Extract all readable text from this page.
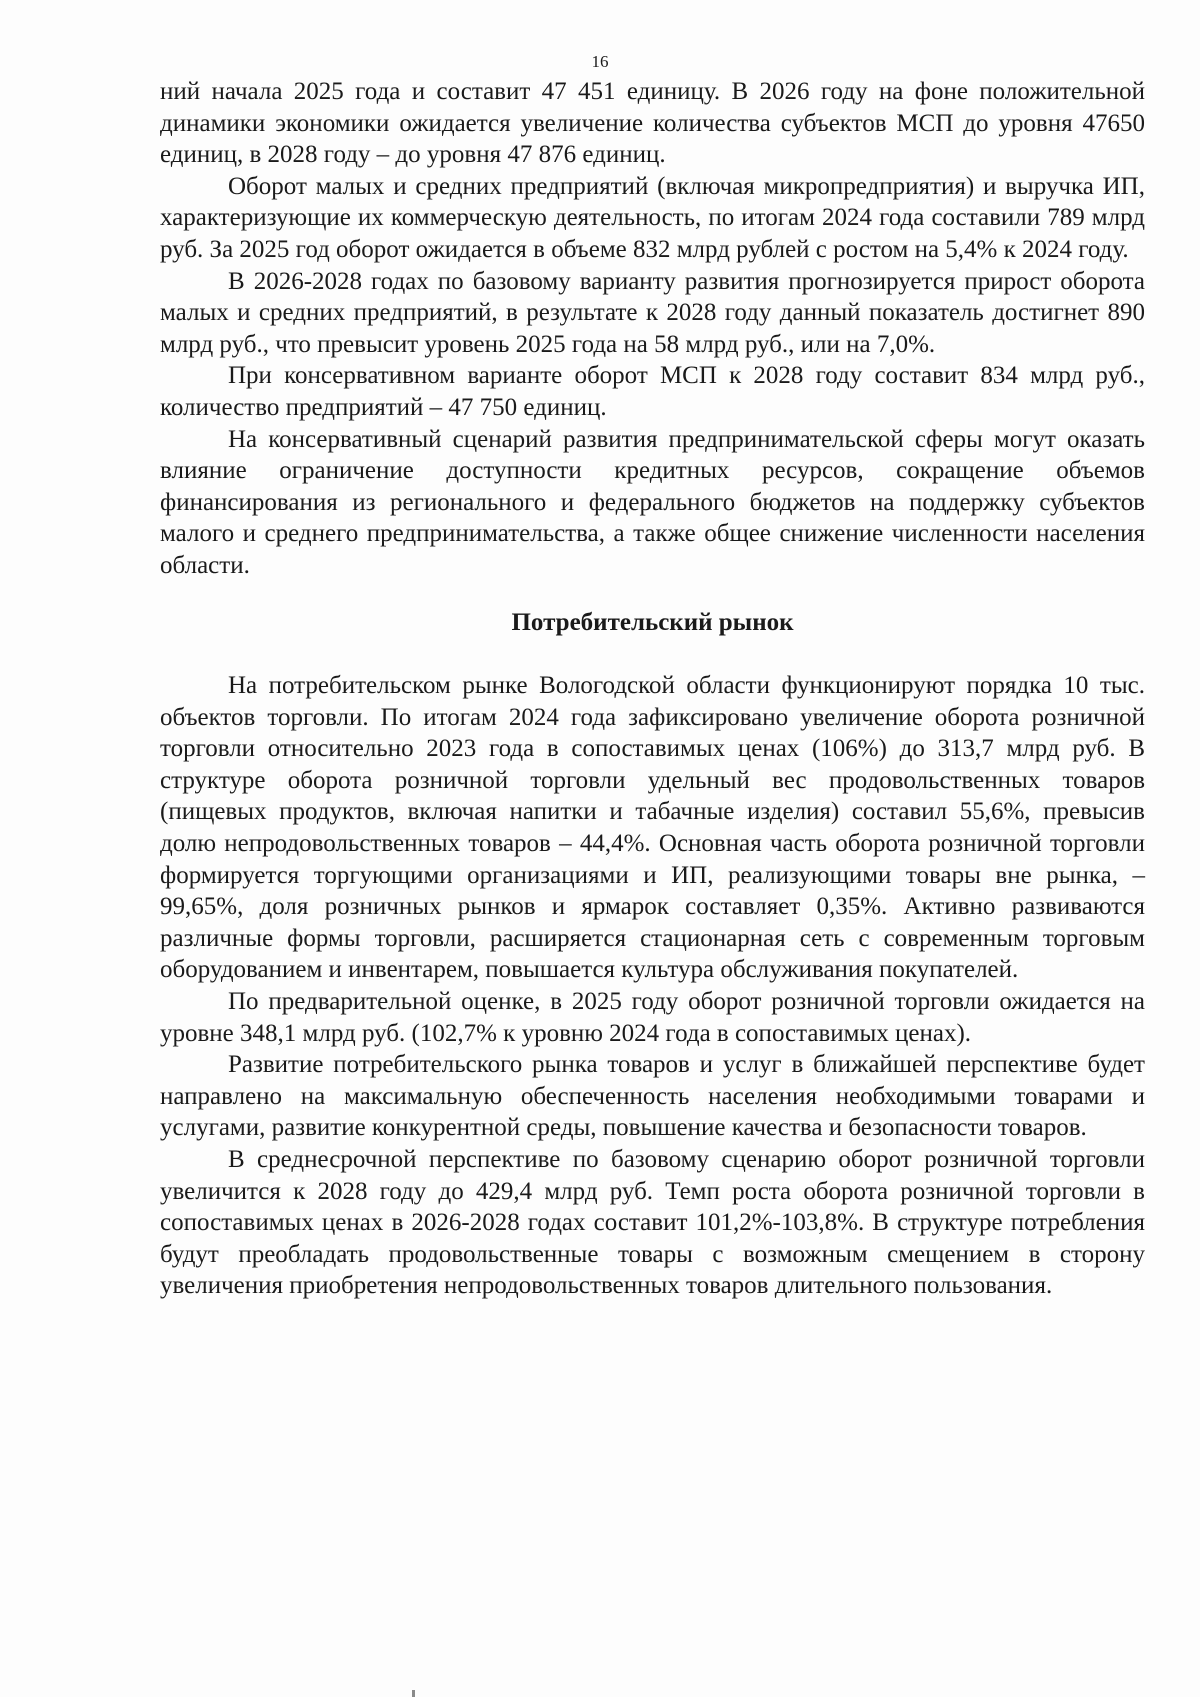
16

ний начала 2025 года и составит 47 451 единицу. В 2026 году на фоне положительной динамики экономики ожидается увеличение количества субъектов МСП до уровня 47650 единиц, в 2028 году – до уровня 47 876 единиц.

Оборот малых и средних предприятий (включая микропредприятия) и выручка ИП, характеризующие их коммерческую деятельность, по итогам 2024 года составили 789 млрд руб. За 2025 год оборот ожидается в объеме 832 млрд рублей с ростом на 5,4% к 2024 году.

В 2026-2028 годах по базовому варианту развития прогнозируется прирост оборота малых и средних предприятий, в результате к 2028 году данный показатель достигнет 890 млрд руб., что превысит уровень 2025 года на 58 млрд руб., или на 7,0%.

При консервативном варианте оборот МСП к 2028 году составит 834 млрд руб., количество предприятий – 47 750 единиц.

На консервативный сценарий развития предпринимательской сферы могут оказать влияние ограничение доступности кредитных ресурсов, сокращение объемов финансирования из регионального и федерального бюджетов на поддержку субъектов малого и среднего предпринимательства, а также общее снижение численности населения области.

Потребительский рынок

На потребительском рынке Вологодской области функционируют порядка 10 тыс. объектов торговли. По итогам 2024 года зафиксировано увеличение оборота розничной торговли относительно 2023 года в сопоставимых ценах (106%) до 313,7 млрд руб. В структуре оборота розничной торговли удельный вес продовольственных товаров (пищевых продуктов, включая напитки и табачные изделия) составил 55,6%, превысив долю непродовольственных товаров – 44,4%. Основная часть оборота розничной торговли формируется торгующими организациями и ИП, реализующими товары вне рынка, – 99,65%, доля розничных рынков и ярмарок составляет 0,35%. Активно развиваются различные формы торговли, расширяется стационарная сеть с современным торговым оборудованием и инвентарем, повышается культура обслуживания покупателей.

По предварительной оценке, в 2025 году оборот розничной торговли ожидается на уровне 348,1 млрд руб. (102,7% к уровню 2024 года в сопоставимых ценах).

Развитие потребительского рынка товаров и услуг в ближайшей перспективе будет направлено на максимальную обеспеченность населения необходимыми товарами и услугами, развитие конкурентной среды, повышение качества и безопасности товаров.

В среднесрочной перспективе по базовому сценарию оборот розничной торговли увеличится к 2028 году до 429,4 млрд руб. Темп роста оборота розничной торговли в сопоставимых ценах в 2026-2028 годах составит 101,2%-103,8%. В структуре потребления будут преобладать продовольственные товары с возможным смещением в сторону увеличения приобретения непродовольственных товаров длительного пользования.
